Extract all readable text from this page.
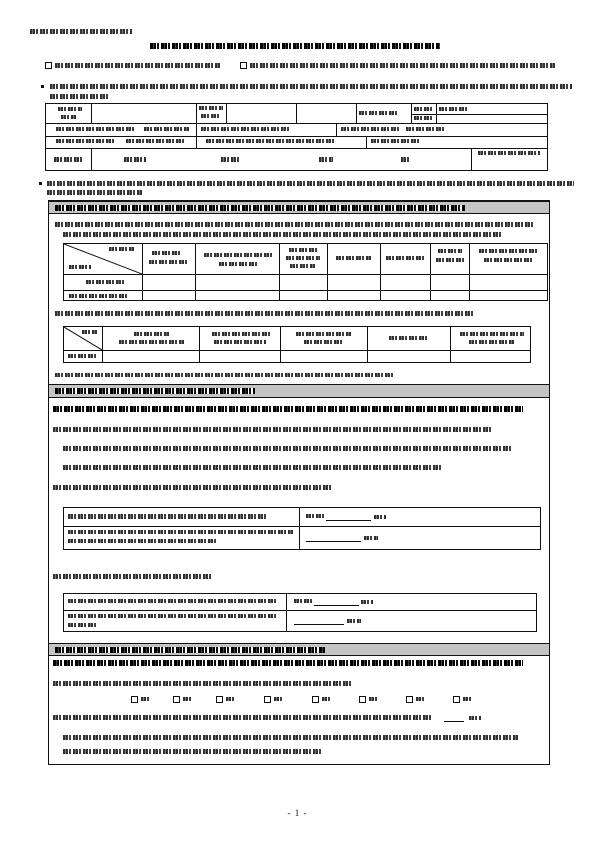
- 1 -
